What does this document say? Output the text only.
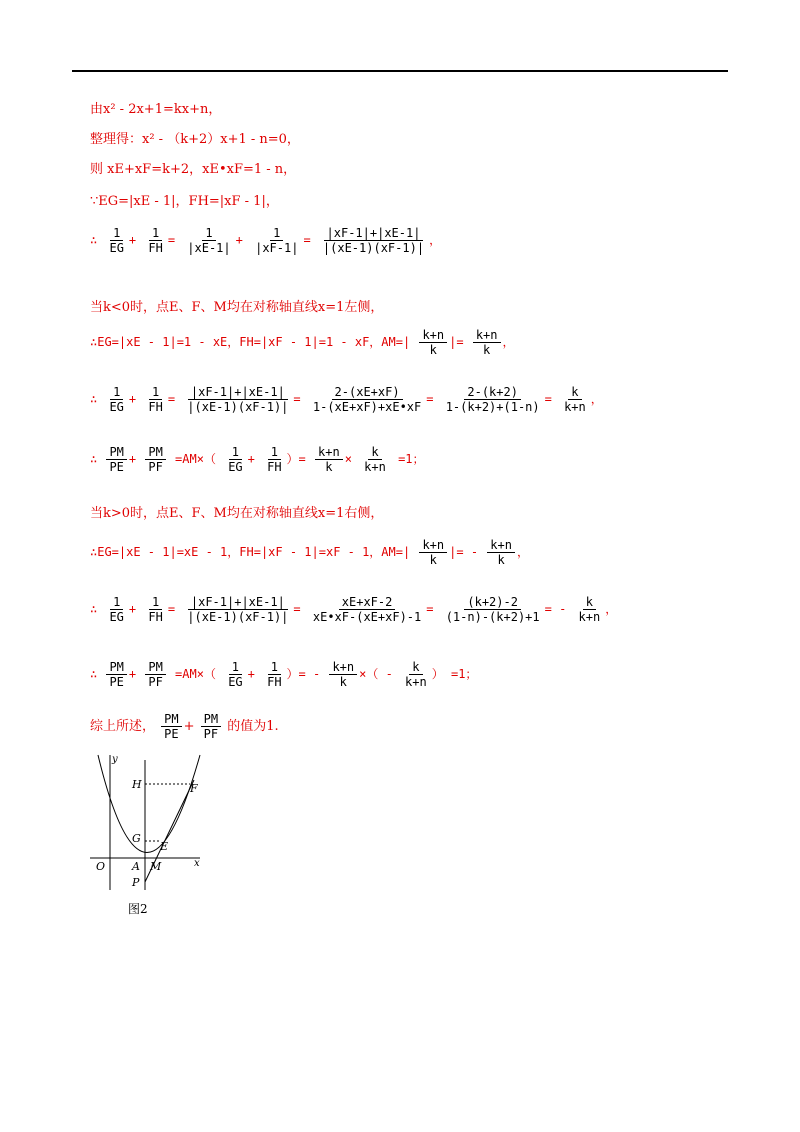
由x² - 2x+1=kx+n，
整理得：x² - （k+2）x+1 - n=0，
则 xE+xF=k+2，xE•xF=1 - n，
∵EG=|xE - 1|，FH=|xF - 1|，
∴ $\frac{1}{EG} + \frac{1}{FH} = \frac{1}{|xE-1|} + \frac{1}{|xF-1|} = \frac{|xF-1|+|xE-1|}{|(xE-1)(xF-1)|}$ ，
当k<0时，点E、F、M均在对称轴直线x=1左侧，
∴EG=|xE - 1|=1 - xE，FH=|xF - 1|=1 - xF，$AM=| \frac{k+n}{k}$ |= $\frac{k+n}{k}$ ，
∴ $\frac{1}{EG} + \frac{1}{FH} = \frac{|xF-1|+|xE-1|}{|(xE-1)(xF-1)|} = \frac{2-(xE+xF)}{1-(xE+xF)+xE•xF} = \frac{2-(k+2)}{1-(k+2)+(1-n)} = \frac{k}{k+n}$ ，
∴ $\frac{PM}{PE} + \frac{PM}{PF} =AM\times( \frac{1}{EG} + \frac{1}{FH}$ ）= $\frac{k+n}{k} \times \frac{k}{k+n} =1$；
当k>0时，点E、F、M均在对称轴直线x=1右侧，
∴EG=|xE - 1|=xE - 1，FH=|xF - 1|=xF - 1，$AM=| \frac{k+n}{k}$ |= - $\frac{k+n}{k}$ ，
∴ $\frac{1}{EG} + \frac{1}{FH} = \frac{|xF-1|+|xE-1|}{|(xE-1)(xF-1)|} = \frac{xE+xF-2}{xE•xF-(xE+xF)-1} = \frac{(k+2)-2}{(1-n)-(k+2)+1}$ = - $\frac{k}{k+n}$ ，
∴ $\frac{PM}{PE} + \frac{PM}{PF} =AM\times( \frac{1}{EG} + \frac{1}{FH}$ ）= - $\frac{k+n}{k}$ ×（ - $\frac{k}{k+n}$ ） =1；
综上所述， $\frac{PM}{PE} + \frac{PM}{PF}$ 的值为1.
y
H	F
G
E
O A M	x
P
图2
